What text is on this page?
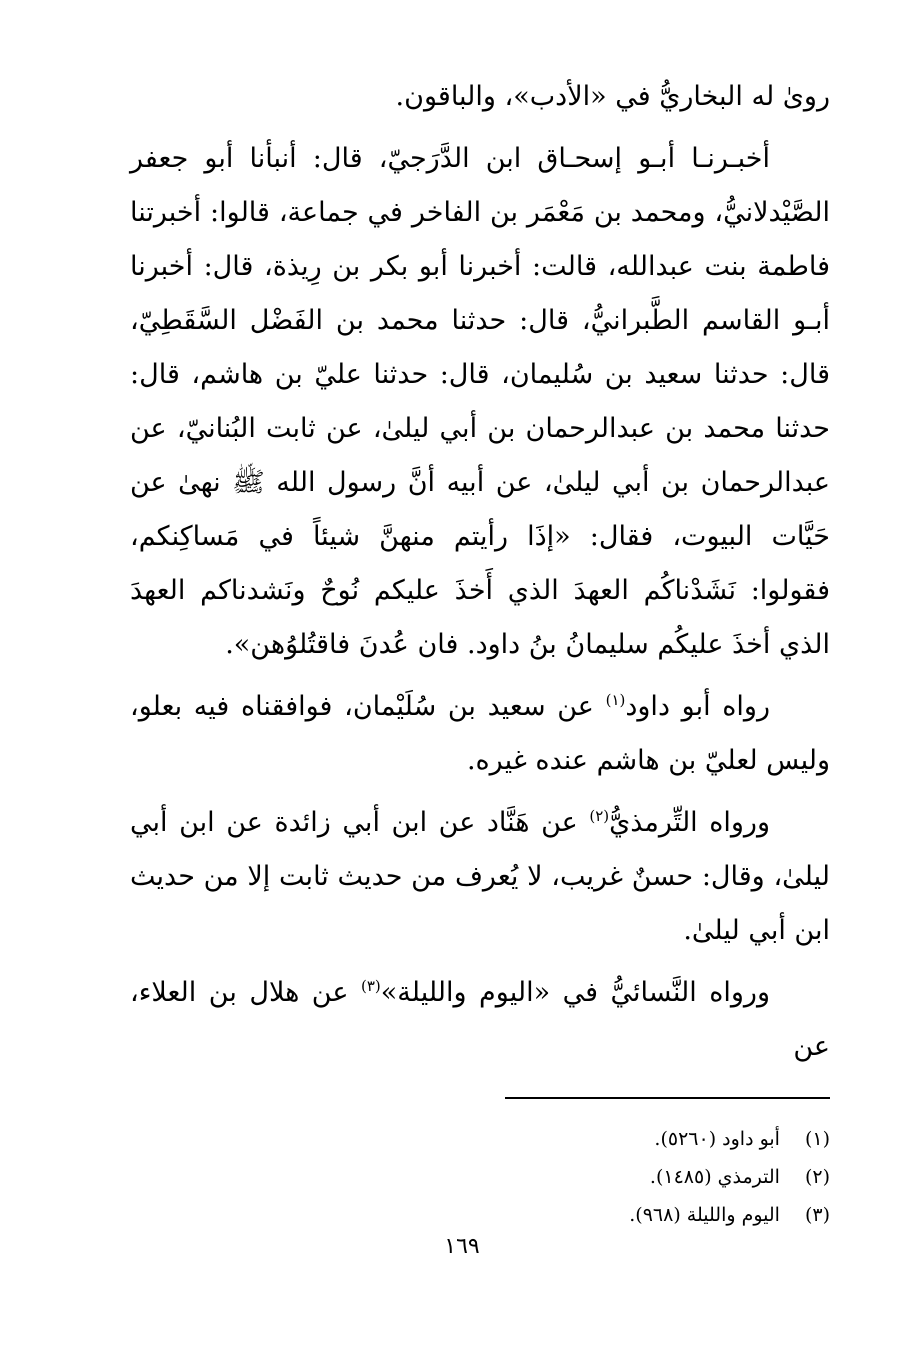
رویٰ له البخاريُّ في «الأدب»، والباقون.

أخبـرنـا أبـو إسحـاق ابن الدَّرَجيّ، قال: أنبأنا أبو جعفر الصَّيْدلانيُّ، ومحمد بن مَعْمَر بن الفاخر في جماعة، قالوا: أخبرتنا فاطمة بنت عبدالله، قالت: أخبرنا أبو بكر بن رِيذة، قال: أخبرنا أبـو القاسم الطَّبرانيُّ، قال: حدثنا محمد بن الفَضْل السَّقَطِيّ، قال: حدثنا سعيد بن سُليمان، قال: حدثنا عليّ بن هاشم، قال: حدثنا محمد بن عبدالرحمان بن أبي ليلىٰ، عن ثابت البُنانيّ، عن عبدالرحمان بن أبي ليلىٰ، عن أبيه أنَّ رسول الله ﷺ نهىٰ عن حَيَّات البيوت، فقال: «إذَا رأيتم منهنَّ شيئاً في مَساكِنكم، فقولوا: نَشَدْناكُم العهدَ الذي أَخذَ عليكم نُوحٌ ونَشدناكم العهدَ الذي أخذَ عليكُم سليمانُ بنُ داود. فان عُدنَ فاقتُلوُهن».

رواه أبو داود$^{(١)}$ عن سعيد بن سُلَيْمان، فوافقناه فيه بعلو، وليس لعليّ بن هاشم عنده غيره.

ورواه التِّرمذيُّ$^{(٢)}$ عن هَنَّاد عن ابن أبي زائدة عن ابن أبي ليلىٰ، وقال: حسنٌ غريب، لا يُعرف من حديث ثابت إلا من حديث ابن أبي ليلىٰ.

ورواه النَّسائيُّ في «اليوم والليلة»$^{(٣)}$ عن هلال بن العلاء، عن

(١) أبو داود (٥٢٦٠).
(٢) الترمذي (١٤٨٥).
(٣) اليوم والليلة (٩٦٨).
١٦٩
